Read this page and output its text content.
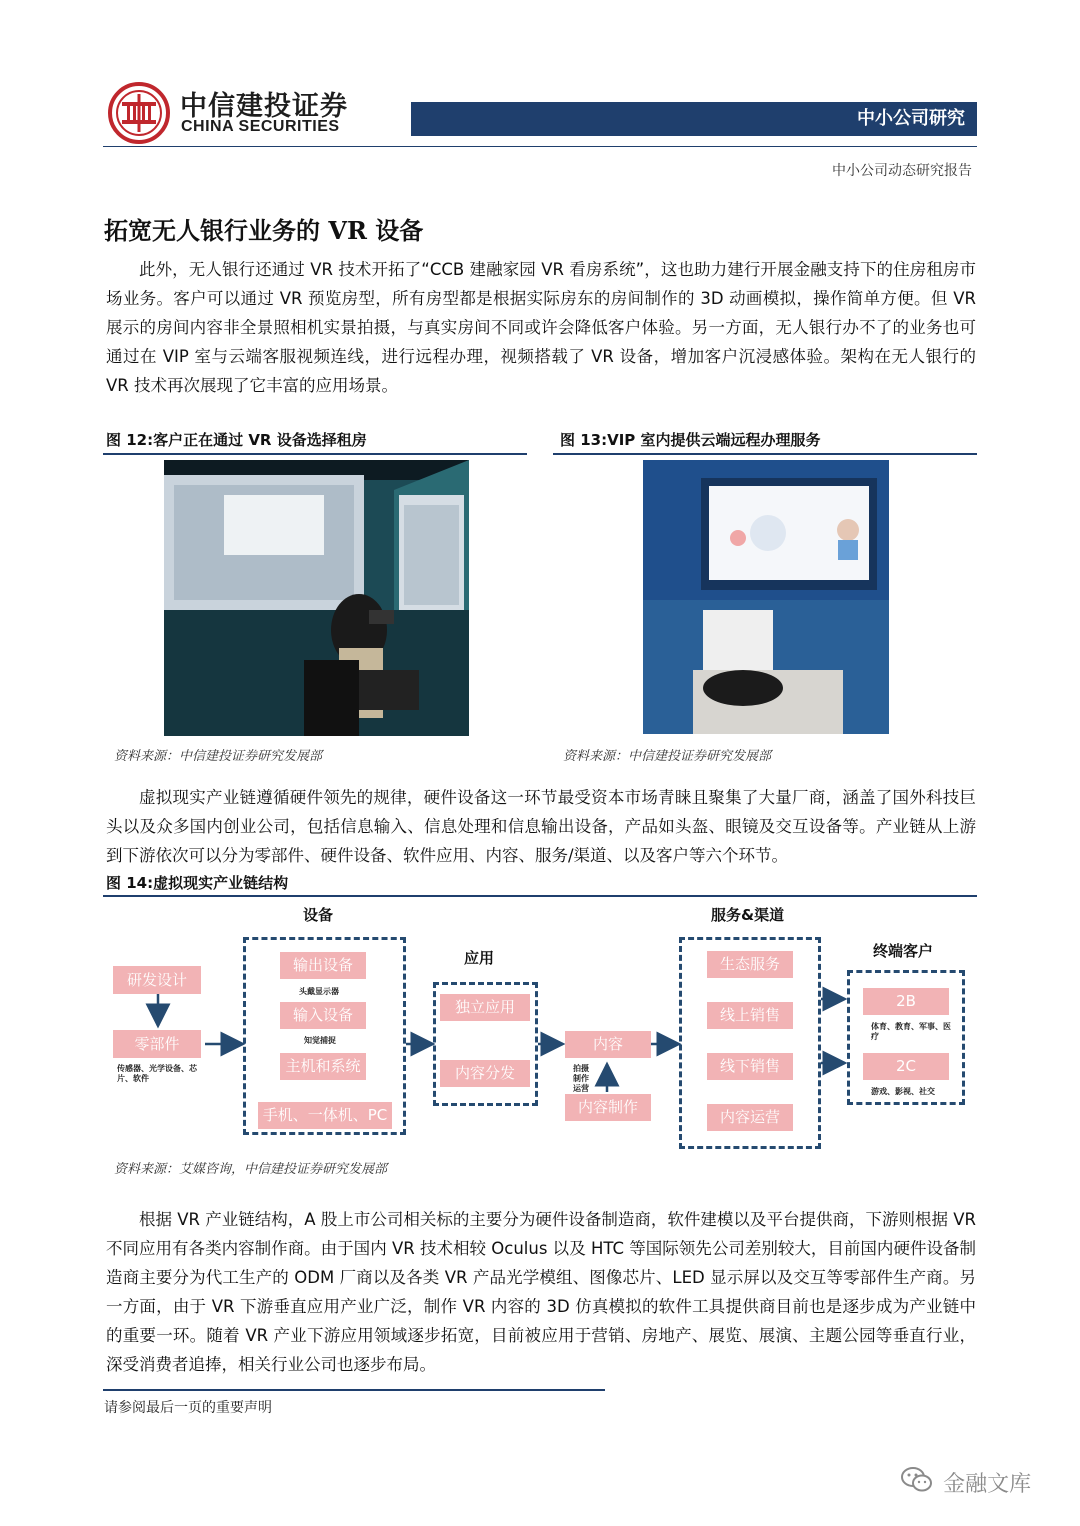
中信建投证券
CHINA SECURITIES	中小公司研究
中小公司动态研究报告
拓宽无人银行业务的 VR 设备
此外，无人银行还通过 VR 技术开拓了“CCB 建融家园 VR 看房系统”，这也助力建行开展金融支持下的住房租房市场业务。客户可以通过 VR 预览房型，所有房型都是根据实际房东的房间制作的 3D 动画模拟，操作简单方便。但 VR 展示的房间内容非全景照相机实景拍摄，与真实房间不同或许会降低客户体验。另一方面，无人银行办不了的业务也可通过在 VIP 室与云端客服视频连线，进行远程办理，视频搭载了 VR 设备，增加客户沉浸感体验。架构在无人银行的 VR 技术再次展现了它丰富的应用场景。
图 12:客户正在通过 VR 设备选择租房
资料来源：中信建投证券研究发展部
图 13:VIP 室内提供云端远程办理服务
资料来源：中信建投证券研究发展部
虚拟现实产业链遵循硬件领先的规律，硬件设备这一环节最受资本市场青睐且聚集了大量厂商，涵盖了国外科技巨头以及众多国内创业公司，包括信息输入、信息处理和信息输出设备，产品如头盔、眼镜及交互设备等。产业链从上游到下游依次可以分为零部件、硬件设备、软件应用、内容、服务/渠道、以及客户等六个环节。
图 14:虚拟现实产业链结构
设备
应用
服务&渠道
终端客户
研发设计
零部件
传感器、光学设备、芯片、软件
输出设备
头戴显示器
输入设备
知觉捕捉
主机和系统
手机、一体机、PC
独立应用
内容分发
内容
拍摄制作运营
内容制作
生态服务
线上销售
线下销售
内容运营
2B
体育、教育、军事、医疗
2C
游戏、影视、社交
资料来源：艾媒咨询，中信建投证券研究发展部
根据 VR 产业链结构，A 股上市公司相关标的主要分为硬件设备制造商，软件建模以及平台提供商，下游则根据 VR 不同应用有各类内容制作商。由于国内 VR 技术相较 Oculus 以及 HTC 等国际领先公司差别较大，目前国内硬件设备制造商主要分为代工生产的 ODM 厂商以及各类 VR 产品光学模组、图像芯片、LED 显示屏以及交互等零部件生产商。另一方面，由于 VR 下游垂直应用产业广泛，制作 VR 内容的 3D 仿真模拟的软件工具提供商目前也是逐步成为产业链中的重要一环。随着 VR 产业下游应用领域逐步拓宽，目前被应用于营销、房地产、展览、展演、主题公园等垂直行业，深受消费者追捧，相关行业公司也逐步布局。
请参阅最后一页的重要声明
金融文库
